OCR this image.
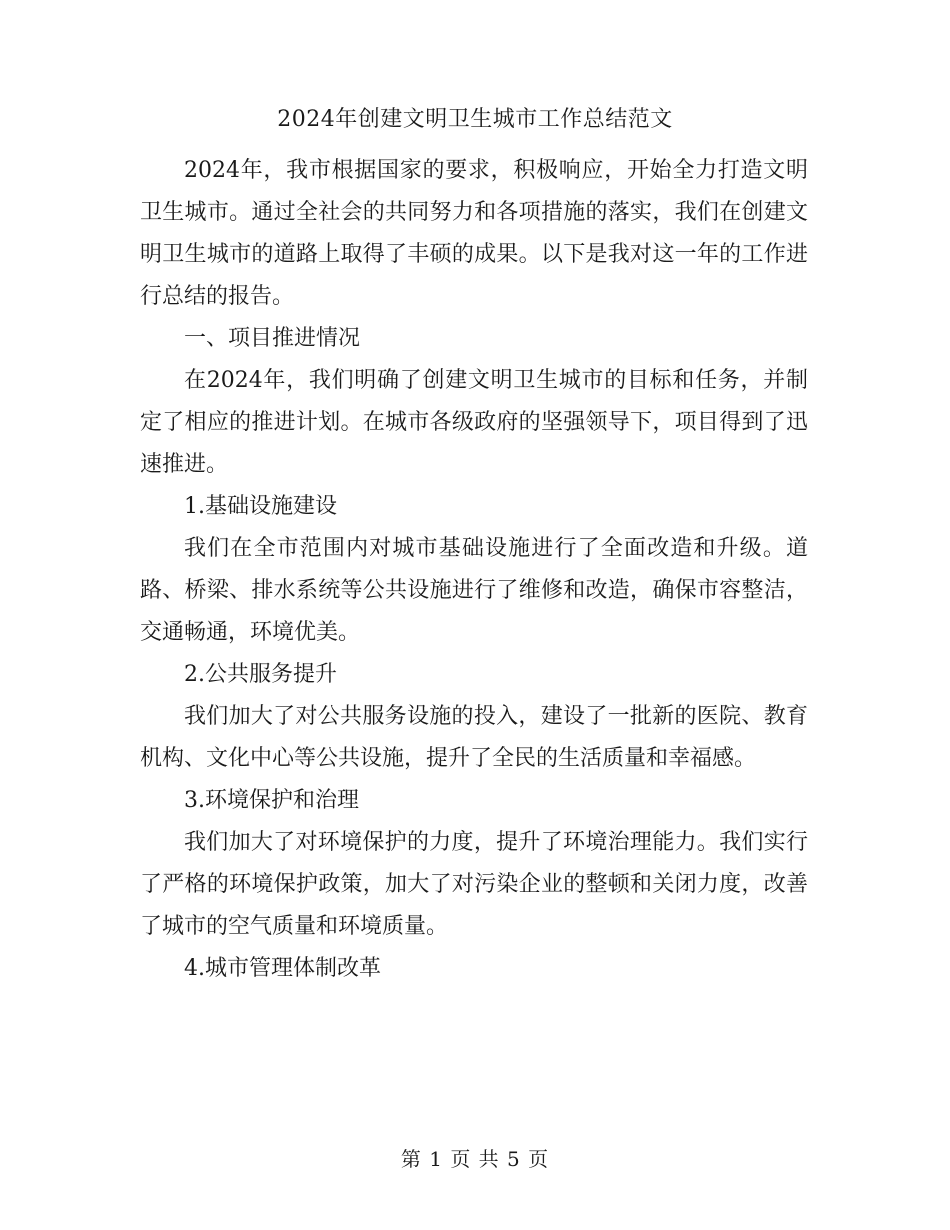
2024年创建文明卫生城市工作总结范文

2024年，我市根据国家的要求，积极响应，开始全力打造文明卫生城市。通过全社会的共同努力和各项措施的落实，我们在创建文明卫生城市的道路上取得了丰硕的成果。以下是我对这一年的工作进行总结的报告。

一、项目推进情况

在2024年，我们明确了创建文明卫生城市的目标和任务，并制定了相应的推进计划。在城市各级政府的坚强领导下，项目得到了迅速推进。

1.基础设施建设

我们在全市范围内对城市基础设施进行了全面改造和升级。道路、桥梁、排水系统等公共设施进行了维修和改造，确保市容整洁，交通畅通，环境优美。

2.公共服务提升

我们加大了对公共服务设施的投入，建设了一批新的医院、教育机构、文化中心等公共设施，提升了全民的生活质量和幸福感。

3.环境保护和治理

我们加大了对环境保护的力度，提升了环境治理能力。我们实行了严格的环境保护政策，加大了对污染企业的整顿和关闭力度，改善了城市的空气质量和环境质量。

4.城市管理体制改革

第 1 页 共 5 页
